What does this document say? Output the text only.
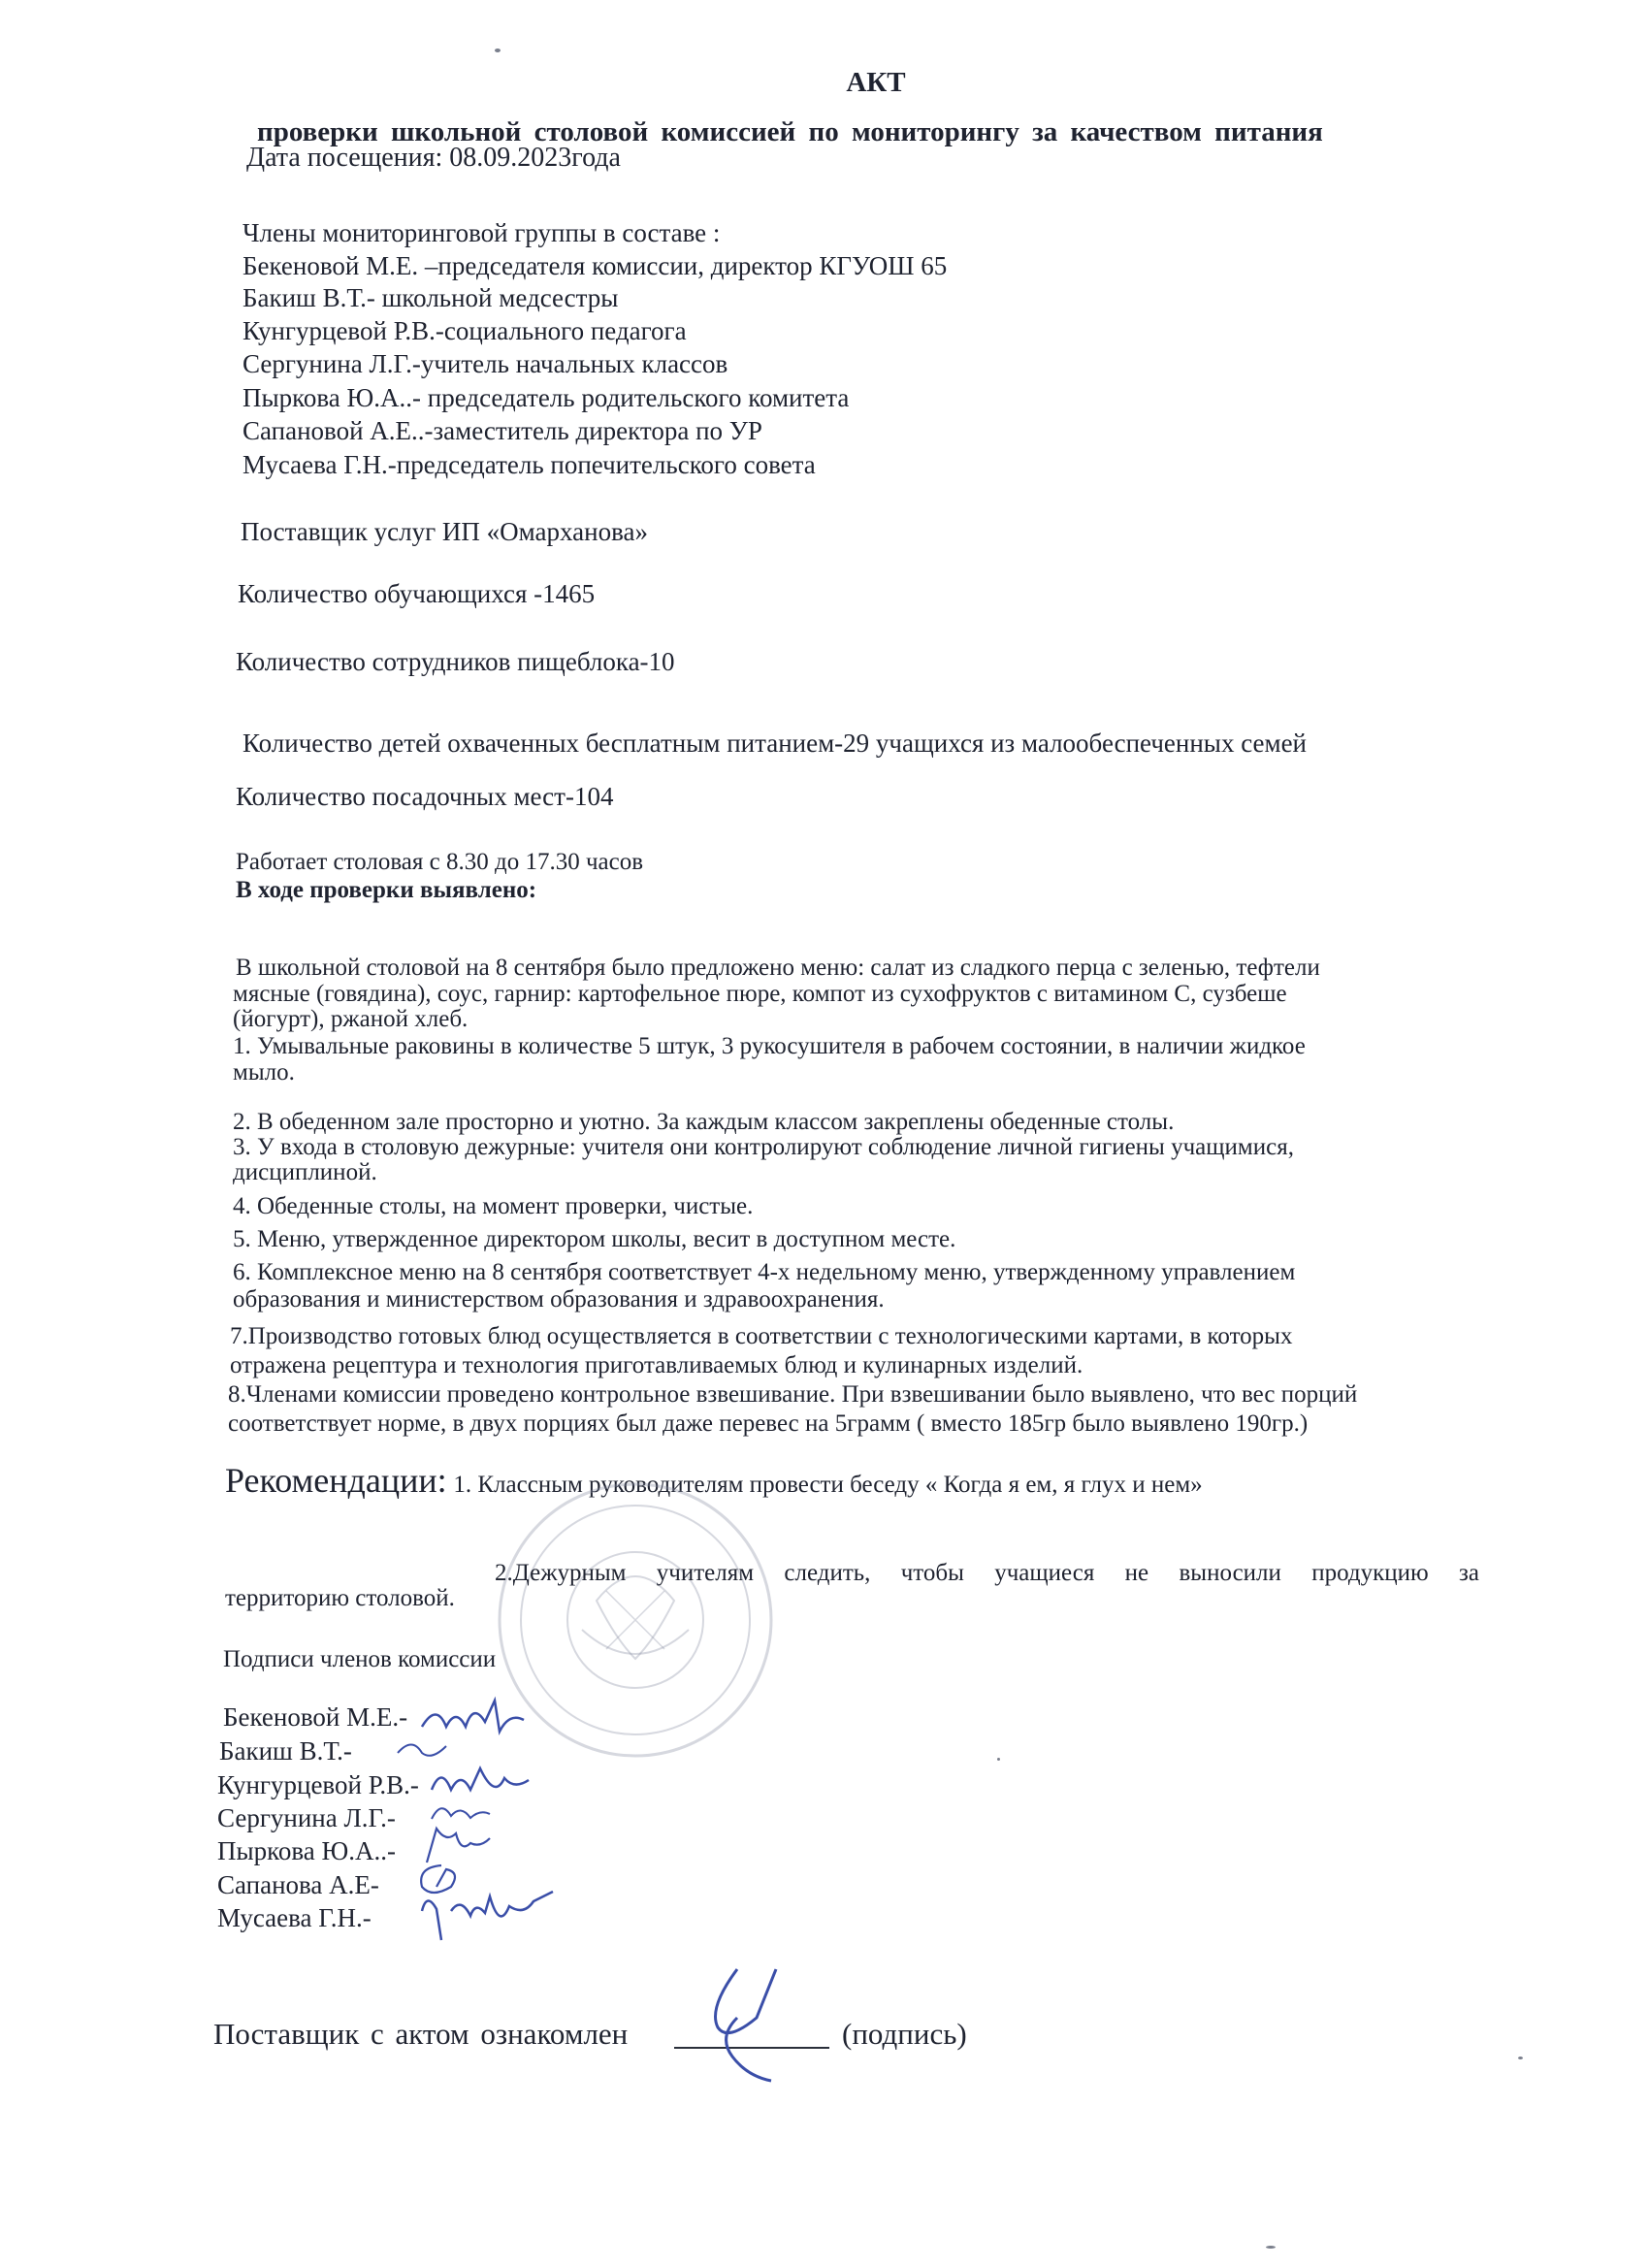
АКТ
проверки школьной столовой комиссией по мониторингу за качеством питания
Дата посещения: 08.09.2023года
Члены мониторинговой группы в составе :
Бекеновой М.Е. –председателя комиссии, директор КГУОШ 65
Бакиш В.Т.- школьной медсестры
Кунгурцевой Р.В.-социального педагога
Сергунина Л.Г.-учитель начальных классов
Пыркова Ю.А..- председатель родительского комитета
Сапановой А.Е..-заместитель директора по УР
Мусаева Г.Н.-председатель попечительского совета
Поставщик услуг ИП «Омарханова»
Количество обучающихся -1465
Количество сотрудников пищеблока-10
Количество детей охваченных бесплатным питанием-29 учащихся из малообеспеченных семей
Количество посадочных мест-104
Работает столовая с 8.30 до 17.30 часов
В ходе проверки выявлено:
В школьной столовой на 8 сентября было предложено меню: салат из сладкого перца с зеленью, тефтели
мясные (говядина), соус, гарнир: картофельное пюре, компот из сухофруктов с витамином С, сузбеше
(йогурт), ржаной хлеб.
1. Умывальные раковины в количестве 5 штук, 3 рукосушителя в рабочем состоянии, в наличии жидкое
мыло.
2. В обеденном зале просторно и уютно. За каждым классом закреплены обеденные столы.
3. У входа в столовую дежурные: учителя они контролируют соблюдение личной гигиены учащимися,
дисциплиной.
4. Обеденные столы, на момент проверки, чистые.
5. Меню, утвержденное директором школы, весит в доступном месте.
6. Комплексное меню на 8 сентября соответствует 4-х недельному меню, утвержденному управлением
образования и министерством образования и здравоохранения.
7.Производство готовых блюд осуществляется в соответствии с технологическими картами, в которых
отражена рецептура и технология приготавливаемых блюд и кулинарных изделий.
8.Членами комиссии проведено контрольное взвешивание. При взвешивании было выявлено, что вес порций
соответствует норме, в двух порциях был даже перевес на 5грамм ( вместо 185гр было выявлено 190гр.)
Рекомендации: 1. Классным руководителям провести беседу « Когда я ем, я глух и нем»
2.Дежурным учителям следить, чтобы учащиеся не выносили продукцию за
территорию столовой.
Подписи членов комиссии
Бекеновой М.Е.-
Бакиш В.Т.-
Кунгурцевой Р.В.-
Сергунина Л.Г.-
Пыркова Ю.А..-
Сапанова А.Е-
Мусаева Г.Н.-
Поставщик с актом ознакомлен	(подпись)
